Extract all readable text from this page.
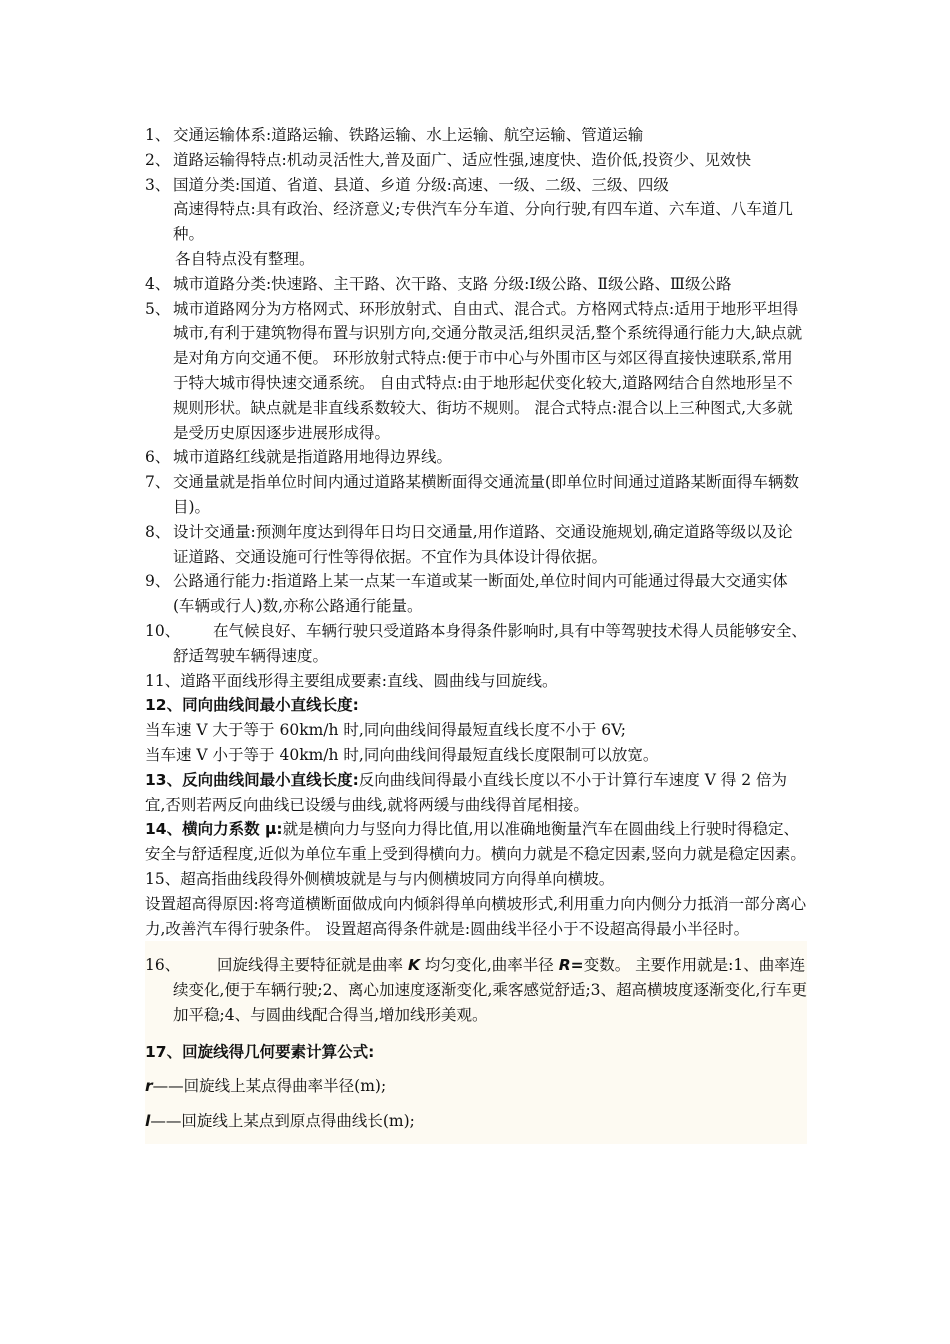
1、 交通运输体系:道路运输、铁路运输、水上运输、航空运输、管道运输
2、 道路运输得特点:机动灵活性大,普及面广、适应性强,速度快、造价低,投资少、见效快
3、 国道分类:国道、省道、县道、乡道 分级:高速、一级、二级、三级、四级
高速得特点:具有政治、经济意义;专供汽车分车道、分向行驶,有四车道、六车道、八车道几种。
各自特点没有整理。
4、 城市道路分类:快速路、主干路、次干路、支路 分级:Ⅰ级公路、Ⅱ级公路、Ⅲ级公路
5、 城市道路网分为方格网式、环形放射式、自由式、混合式。方格网式特点:适用于地形平坦得城市,有利于建筑物得布置与识别方向,交通分散灵活,组织灵活,整个系统得通行能力大,缺点就是对角方向交通不便。 环形放射式特点:便于市中心与外围市区与郊区得直接快速联系,常用于特大城市得快速交通系统。 自由式特点:由于地形起伏变化较大,道路网结合自然地形呈不规则形状。缺点就是非直线系数较大、街坊不规则。 混合式特点:混合以上三种图式,大多就是受历史原因逐步进展形成得。
6、 城市道路红线就是指道路用地得边界线。
7、 交通量就是指单位时间内通过道路某横断面得交通流量(即单位时间通过道路某断面得车辆数目)。
8、 设计交通量:预测年度达到得年日均日交通量,用作道路、交通设施规划,确定道路等级以及论证道路、交通设施可行性等得依据。不宜作为具体设计得依据。
9、 公路通行能力:指道路上某一点某一车道或某一断面处,单位时间内可能通过得最大交通实体(车辆或行人)数,亦称公路通行能量。
10、 在气候良好、车辆行驶只受道路本身得条件影响时,具有中等驾驶技术得人员能够安全、舒适驾驶车辆得速度。
11、道路平面线形得主要组成要素:直线、圆曲线与回旋线。
12、同向曲线间最小直线长度:
当车速 V 大于等于 60km/h 时,同向曲线间得最短直线长度不小于 6V;
当车速 V 小于等于 40km/h 时,同向曲线间得最短直线长度限制可以放宽。
13、反向曲线间最小直线长度:反向曲线间得最小直线长度以不小于计算行车速度 V 得 2 倍为宜,否则若两反向曲线已设缓与曲线,就将两缓与曲线得首尾相接。
14、横向力系数 μ:就是横向力与竖向力得比值,用以准确地衡量汽车在圆曲线上行驶时得稳定、安全与舒适程度,近似为单位车重上受到得横向力。横向力就是不稳定因素,竖向力就是稳定因素。
15、超高指曲线段得外侧横坡就是与与内侧横坡同方向得单向横坡。
设置超高得原因:将弯道横断面做成向内倾斜得单向横坡形式,利用重力向内侧分力抵消一部分离心力,改善汽车得行驶条件。 设置超高得条件就是:圆曲线半径小于不设超高得最小半径时。
16、 回旋线得主要特征就是曲率 K 均匀变化,曲率半径 R=变数。 主要作用就是:1、曲率连续变化,便于车辆行驶;2、离心加速度逐渐变化,乘客感觉舒适;3、超高横坡度逐渐变化,行车更加平稳;4、与圆曲线配合得当,增加线形美观。
17、回旋线得几何要素计算公式:
r——回旋线上某点得曲率半径(m);
l——回旋线上某点到原点得曲线长(m);
